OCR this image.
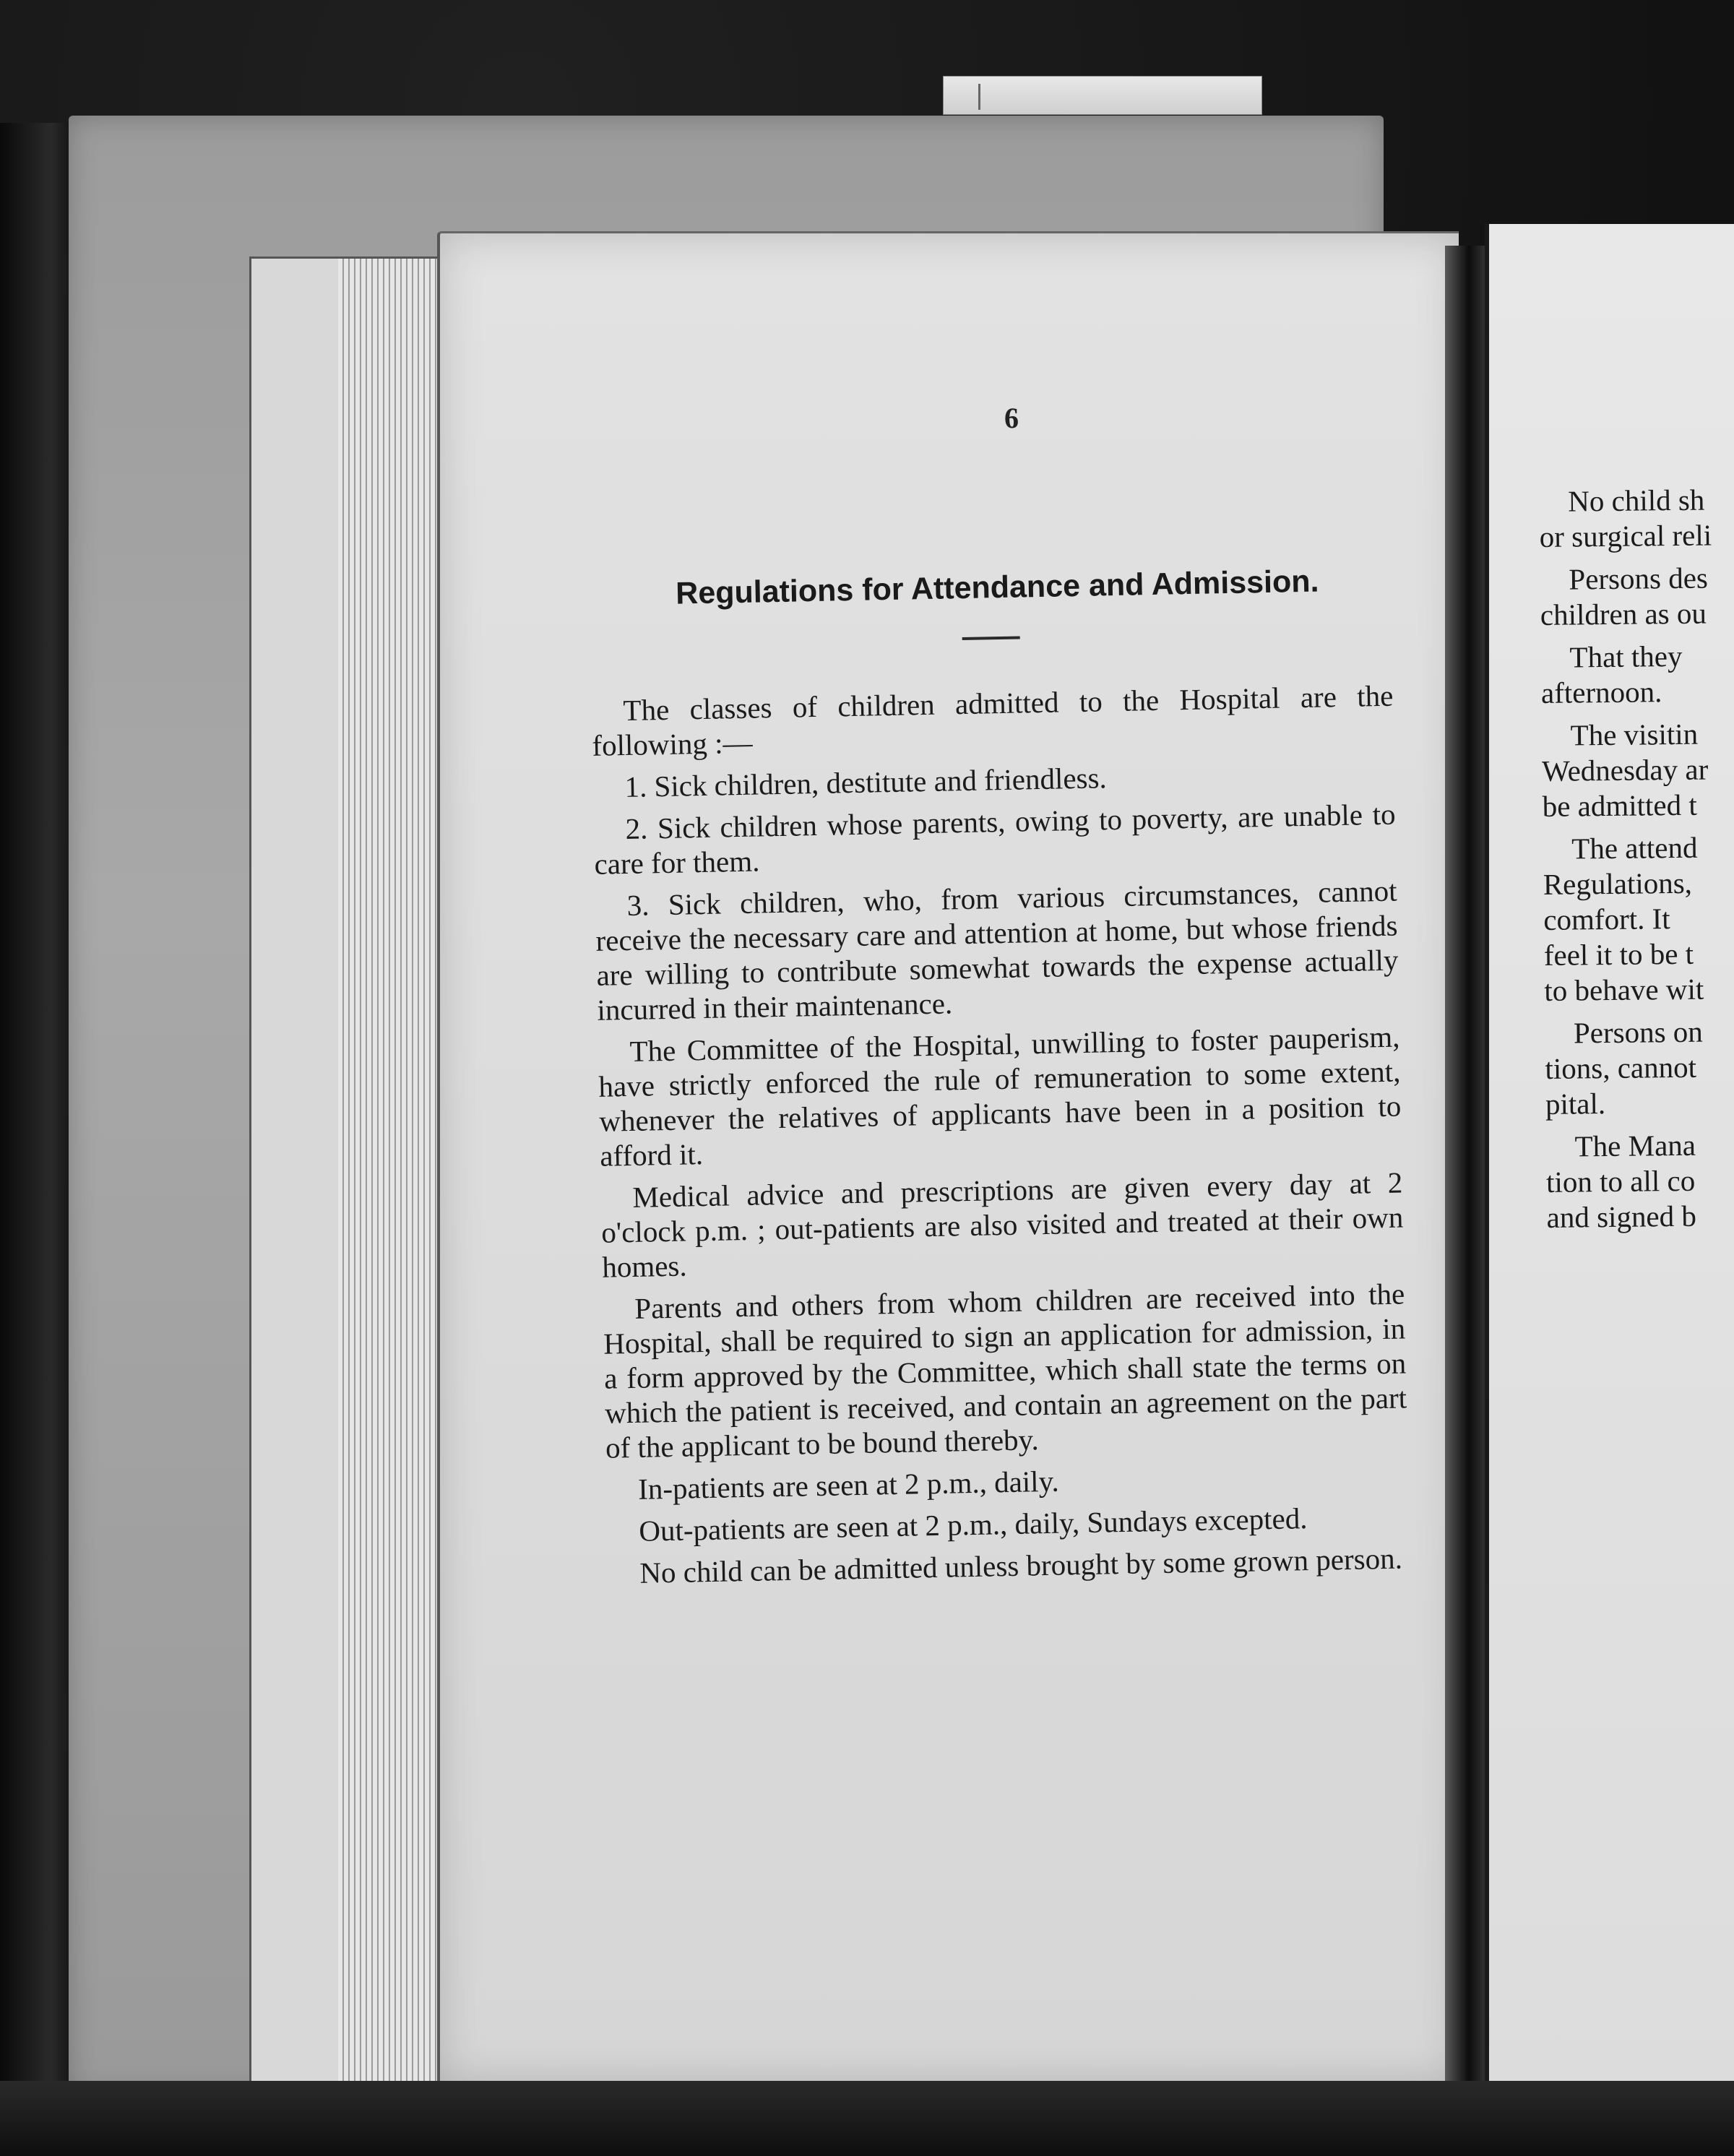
6
Regulations for Attendance and Admission.

The classes of children admitted to the Hospital are the following :—

1. Sick children, destitute and friendless.

2. Sick children whose parents, owing to poverty, are unable to care for them.

3. Sick children, who, from various circumstances, cannot receive the necessary care and attention at home, but whose friends are willing to contribute somewhat towards the expense actually incurred in their maintenance.

The Committee of the Hospital, unwilling to foster pauperism, have strictly enforced the rule of remuneration to some extent, whenever the relatives of applicants have been in a position to afford it.

Medical advice and prescriptions are given every day at 2 o'clock p.m. ; out-patients are also visited and treated at their own homes.

Parents and others from whom children are received into the Hospital, shall be required to sign an application for admission, in a form approved by the Committee, which shall state the terms on which the patient is received, and contain an agreement on the part of the applicant to be bound thereby.

In-patients are seen at 2 p.m., daily.

Out-patients are seen at 2 p.m., daily, Sundays excepted.

No child can be admitted unless brought by some grown person.

No child sh
or surgical reli
Persons des
children as ou
That they
afternoon.
The visitin
Wednesday ar
be admitted t
The attend
Regulations,
comfort. It
feel it to be t
to behave wit
Persons on
tions, cannot
pital.
The Mana
tion to all co
and signed b
